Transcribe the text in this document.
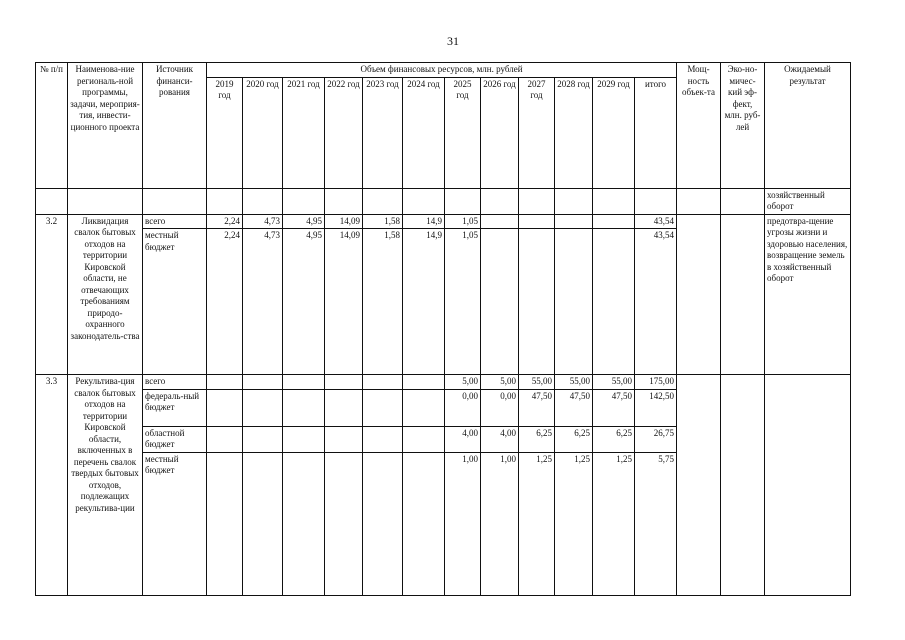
31
№ п/п	Наименова-ние региональ-ной программы, задачи, мероприя-тия, инвести-ционного проекта	Источник финанси-рования	Объем финансовых ресурсов, млн. рублей												Мощ-ность объек-та	Эко-но-мичес-кий эф-фект, млн. руб-лей	Ожидаемый результат
			2019 год	2020 год	2021 год	2022 год	2023 год	2024 год	2025 год	2026 год	2027 год	2028 год	2029 год	итого			
																	хозяйственный оборот
3.2	Ликвидация свалок бытовых отходов на территории Кировской области, не отвечающих требованиям природо-охранного законодатель-ства	всего	2,24	4,73	4,95	14,09	1,58	14,9	1,05					43,54			предотвра-щение угрозы жизни и здоровью населения, возвращение земель в хозяйственный оборот
		местный бюджет	2,24	4,73	4,95	14,09	1,58	14,9	1,05					43,54			
3.3	Рекультива-ция свалок бытовых отходов на территории Кировской области, включенных в перечень свалок твердых бытовых отходов, подлежащих рекультива-ции	всего							5,00	5,00	55,00	55,00	55,00	175,00			
		федераль-ный бюджет							0,00	0,00	47,50	47,50	47,50	142,50			
		областной бюджет							4,00	4,00	6,25	6,25	6,25	26,75			
		местный бюджет							1,00	1,00	1,25	1,25	1,25	5,75			
